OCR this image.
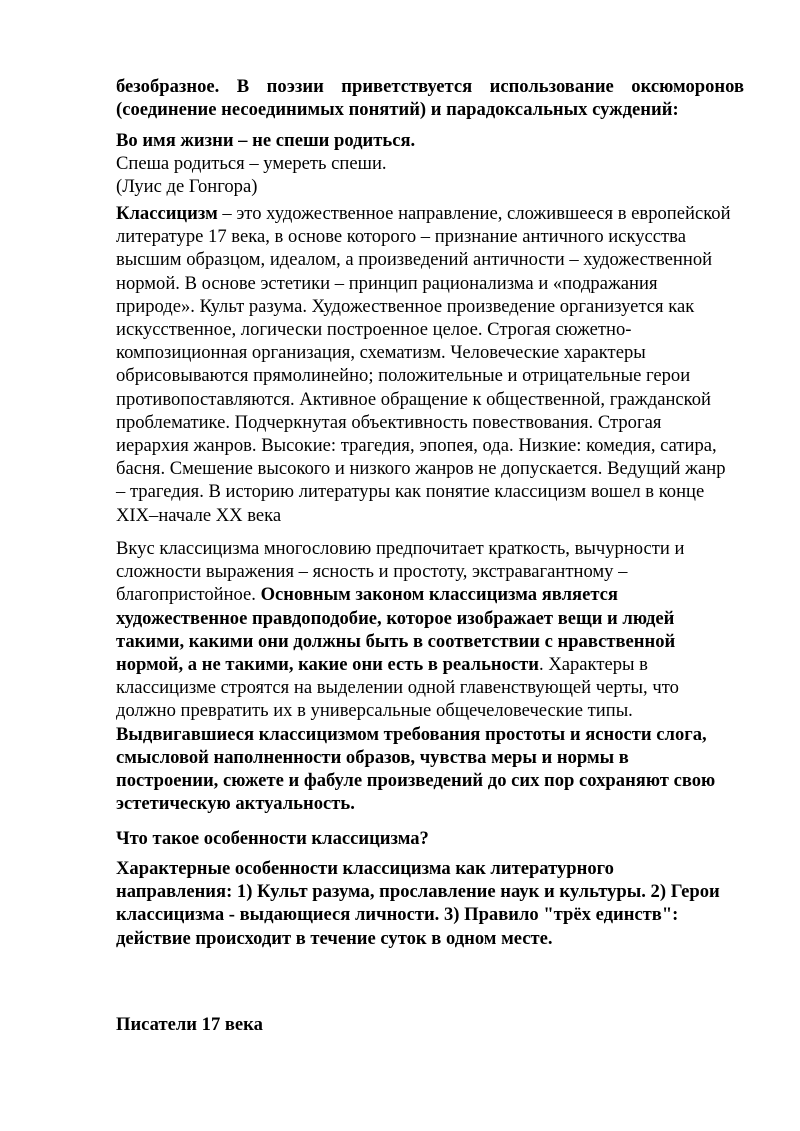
безобразное. В поэзии приветствуется использование оксюморонов
(соединение несоединимых понятий) и парадоксальных суждений:

Во имя жизни – не спеши родиться.
Спеша родиться – умереть спеши.
(Луис де Гонгора)

Классицизм – это художественное направление, сложившееся в европейской
литературе 17 века, в основе которого – признание античного искусства
высшим образцом, идеалом, а произведений античности – художественной
нормой. В основе эстетики – принцип рационализма и «подражания
природе». Культ разума. Художественное произведение организуется как
искусственное, логически построенное целое. Строгая сюжетно-
композиционная организация, схематизм. Человеческие характеры
обрисовываются прямолинейно; положительные и отрицательные герои
противопоставляются. Активное обращение к общественной, гражданской
проблематике. Подчеркнутая объективность повествования. Строгая
иерархия жанров. Высокие: трагедия, эпопея, ода. Низкие: комедия, сатира,
басня. Смешение высокого и низкого жанров не допускается. Ведущий жанр
– трагедия. В историю литературы как понятие классицизм вошел в конце
XIX–начале XX века

Вкус классицизма многословию предпочитает краткость, вычурности и
сложности выражения – ясность и простоту, экстравагантному –
благопристойное. Основным законом классицизма является
художественное правдоподобие, которое изображает вещи и людей
такими, какими они должны быть в соответствии с нравственной
нормой, а не такими, какие они есть в реальности. Характеры в
классицизме строятся на выделении одной главенствующей черты, что
должно превратить их в универсальные общечеловеческие типы.
Выдвигавшиеся классицизмом требования простоты и ясности слога,
смысловой наполненности образов, чувства меры и нормы в
построении, сюжете и фабуле произведений до сих пор сохраняют свою
эстетическую актуальность.

Что такое особенности классицизма?

Характерные особенности классицизма как литературного
направления: 1) Культ разума, прославление наук и культуры. 2) Герои
классицизма - выдающиеся личности. 3) Правило "трёх единств":
действие происходит в течение суток в одном месте.

Писатели 17 века
